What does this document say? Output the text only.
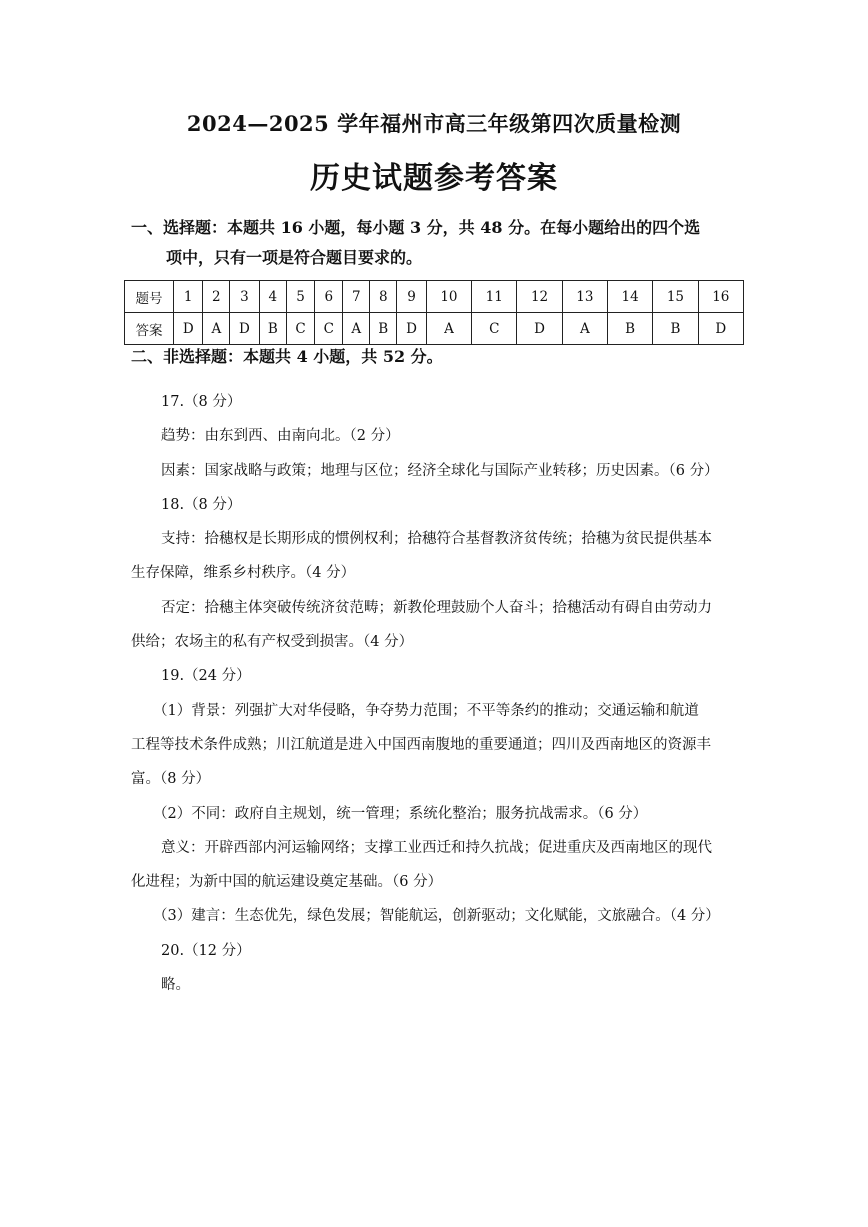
2024—2025 学年福州市高三年级第四次质量检测
历史试题参考答案
一、选择题：本题共 16 小题，每小题 3 分，共 48 分。在每小题给出的四个选
项中，只有一项是符合题目要求的。
题号	1	2	3	4	5	6	7	8	9	10	11	12	13	14	15	16
答案	D	A	D	B	C	C	A	B	D	A	C	D	A	B	B	D
二、非选择题：本题共 4 小题，共 52 分。

17.（8 分）

趋势：由东到西、由南向北。（2 分）

因素：国家战略与政策；地理与区位；经济全球化与国际产业转移；历史因素。（6 分）

18.（8 分）

支持：拾穗权是长期形成的惯例权利；拾穗符合基督教济贫传统；拾穗为贫民提供基本

生存保障，维系乡村秩序。（4 分）

否定：拾穗主体突破传统济贫范畴；新教伦理鼓励个人奋斗；拾穗活动有碍自由劳动力

供给；农场主的私有产权受到损害。（4 分）

19.（24 分）

（1）背景：列强扩大对华侵略，争夺势力范围；不平等条约的推动；交通运输和航道

工程等技术条件成熟；川江航道是进入中国西南腹地的重要通道；四川及西南地区的资源丰

富。（8 分）

（2）不同：政府自主规划，统一管理；系统化整治；服务抗战需求。（6 分）

意义：开辟西部内河运输网络；支撑工业西迁和持久抗战；促进重庆及西南地区的现代

化进程；为新中国的航运建设奠定基础。（6 分）

（3）建言：生态优先，绿色发展；智能航运，创新驱动；文化赋能，文旅融合。（4 分）

20.（12 分）

略。
